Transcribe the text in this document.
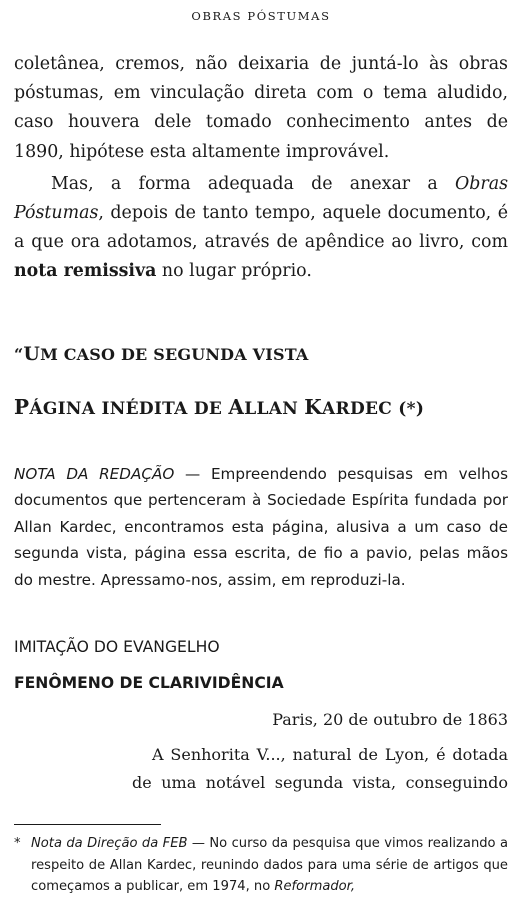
OBRAS PÓSTUMAS

coletânea, cremos, não deixaria de juntá-lo às obras póstumas, em vinculação direta com o tema aludido, caso houvera dele tomado conhecimento antes de 1890, hipótese esta altamente improvável.

Mas, a forma adequada de anexar a Obras Póstumas, depois de tanto tempo, aquele documento, é a que ora adotamos, através de apêndice ao livro, com nota remissiva no lugar próprio.

“UM CASO DE SEGUNDA VISTA
PÁGINA INÉDITA DE ALLAN KARDEC (*)

NOTA DA REDAÇÃO — Empreendendo pesquisas em velhos documentos que pertenceram à Sociedade Espírita fundada por Allan Kardec, encontramos esta página, alusiva a um caso de segunda vista, página essa escrita, de fio a pavio, pelas mãos do mestre. Apressamo-nos, assim, em reproduzi-la.

IMITAÇÃO DO EVANGELHO
FENÔMENO DE CLARIVIDÊNCIA
Paris, 20 de outubro de 1863

A Senhorita V..., natural de Lyon, é dotada de uma notável segunda vista, conseguindo

* Nota da Direção da FEB — No curso da pesquisa que vimos realizando a respeito de Allan Kardec, reunindo dados para uma série de artigos que começamos a publicar, em 1974, no Reformador,
